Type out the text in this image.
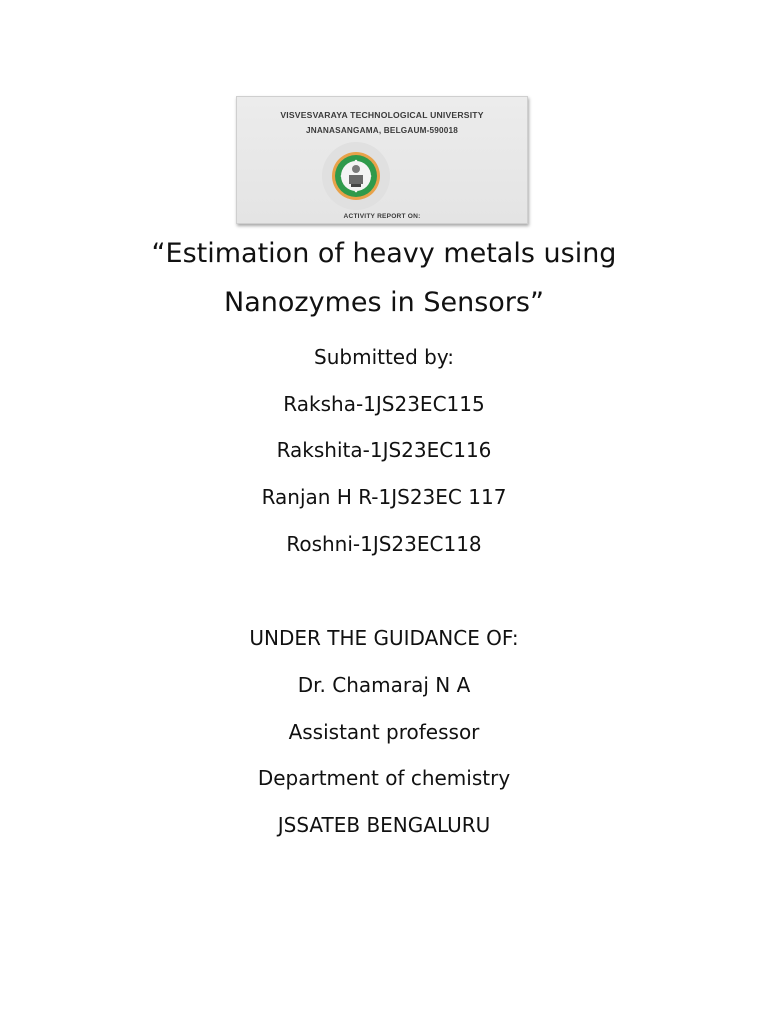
VISVESVARAYA TECHNOLOGICAL UNIVERSITY
JNANASANGAMA, BELGAUM-590018
ACTIVITY REPORT ON:
“Estimation of heavy metals using
Nanozymes in Sensors”
Submitted by:
Raksha-1JS23EC115
Rakshita-1JS23EC116
Ranjan H R-1JS23EC 117
Roshni-1JS23EC118
UNDER THE GUIDANCE OF:
Dr. Chamaraj N A
Assistant professor
Department of chemistry
JSSATEB BENGALURU
